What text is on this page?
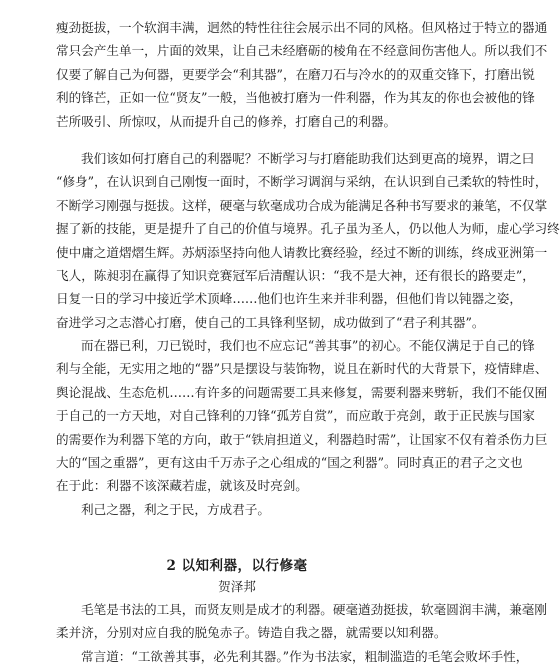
瘦劲挺拔，一个软润丰满，迥然的特性往往会展示出不同的风格。但风格过于特立的器通
常只会产生单一，片面的效果，让自己未经磨砺的棱角在不经意间伤害他人。所以我们不
仅要了解自己为何器，更要学会“利其器”，在磨刀石与冷水的的双重交锋下，打磨出锐
利的锋芒，正如一位“贤友”一般，当他被打磨为一件利器，作为其友的你也会被他的锋
芒所吸引、所惊叹，从而提升自己的修养，打磨自己的利器。
我们该如何打磨自己的利器呢？不断学习与打磨能助我们达到更高的境界，谓之曰
“修身”，在认识到自己刚愎一面时，不断学习调润与采纳，在认识到自己柔软的特性时，
不断学习刚强与挺拔。这样，硬毫与软毫成功合成为能满足各种书写要求的兼笔，不仅掌
握了新的技能，更是提升了自己的价值与境界。孔子虽为圣人，仍以他人为师，虚心学习终
使中庸之道熠熠生辉。苏炳添坚持向他人请教比赛经验，经过不断的训练，终成亚洲第一
飞人，陈昶羽在赢得了知识竞赛冠军后清醒认识：“我不是大神，还有很长的路要走”，
日复一日的学习中接近学术顶峰……他们也许生来并非利器，但他们肯以钝器之姿，
奋进学习之志潜心打磨，使自己的工具锋利坚韧，成功做到了“君子利其器”。
而在器已利，刀已锐时，我们也不应忘记“善其事”的初心。不能仅满足于自己的锋
利与全能，无实用之地的“器”只是摆设与装饰物，说且在新时代的大背景下，疫情肆虐、
舆论混战、生态危机……有许多的问题需要工具来修复，需要利器来劈斩，我们不能仅囿
于自己的一方天地，对自己锋利的刀锋“孤芳自赏”，而应敢于亮剑，敢于正民族与国家
的需要作为利器下笔的方向，敢于“铁肩担道义，利器趋时需”，让国家不仅有着杀伤力巨
大的“国之重器”，更有这由千万赤子之心组成的“国之利器”。同时真正的君子之文也
在于此：利器不该深藏若虚，就该及时亮剑。
利己之器，利之于民，方成君子。
2 以知利器，以行修毫
贺泽邦
毛笔是书法的工具，而贤友则是成才的利器。硬毫遒劲挺拔，软毫圆润丰满，兼毫刚
柔并济，分别对应自我的脱兔赤子。铸造自我之器，就需要以知利器。
常言道：“工欲善其事，必先利其器。”作为书法家，粗制滥造的毛笔会败坏手性，
